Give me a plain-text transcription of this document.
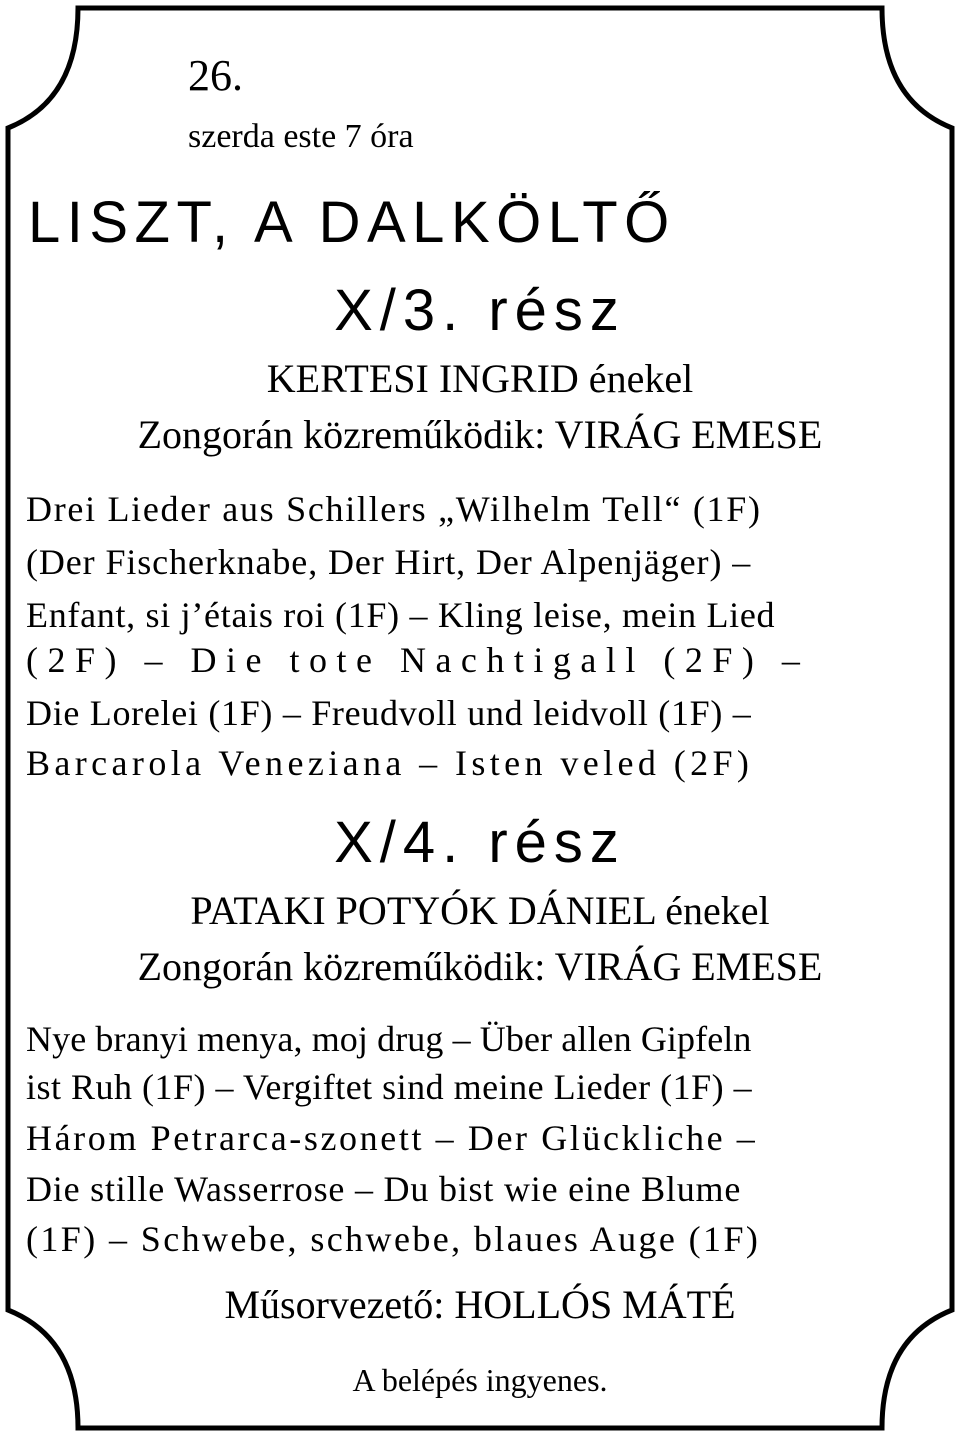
26.
szerda este 7 óra
LISZT, A DALKÖLTŐ
X/3. rész
KERTESI INGRID énekel
Zongorán közreműködik: VIRÁG EMESE
Drei Lieder aus Schillers „Wilhelm Tell“ (1F)
(Der Fischerknabe, Der Hirt, Der Alpenjäger) –
Enfant, si j’étais roi (1F) – Kling leise, mein Lied
(2F) – Die tote Nachtigall (2F) –
Die Lorelei (1F) – Freudvoll und leidvoll (1F) –
Barcarola Veneziana – Isten veled (2F)
X/4. rész
PATAKI POTYÓK DÁNIEL énekel
Zongorán közreműködik: VIRÁG EMESE
Nye branyi menya, moj drug – Über allen Gipfeln
ist Ruh (1F) – Vergiftet sind meine Lieder (1F) –
Három Petrarca-szonett – Der Glückliche –
Die stille Wasserrose – Du bist wie eine Blume
(1F) – Schwebe, schwebe, blaues Auge (1F)
Műsorvezető: HOLLÓS MÁTÉ
A belépés ingyenes.
